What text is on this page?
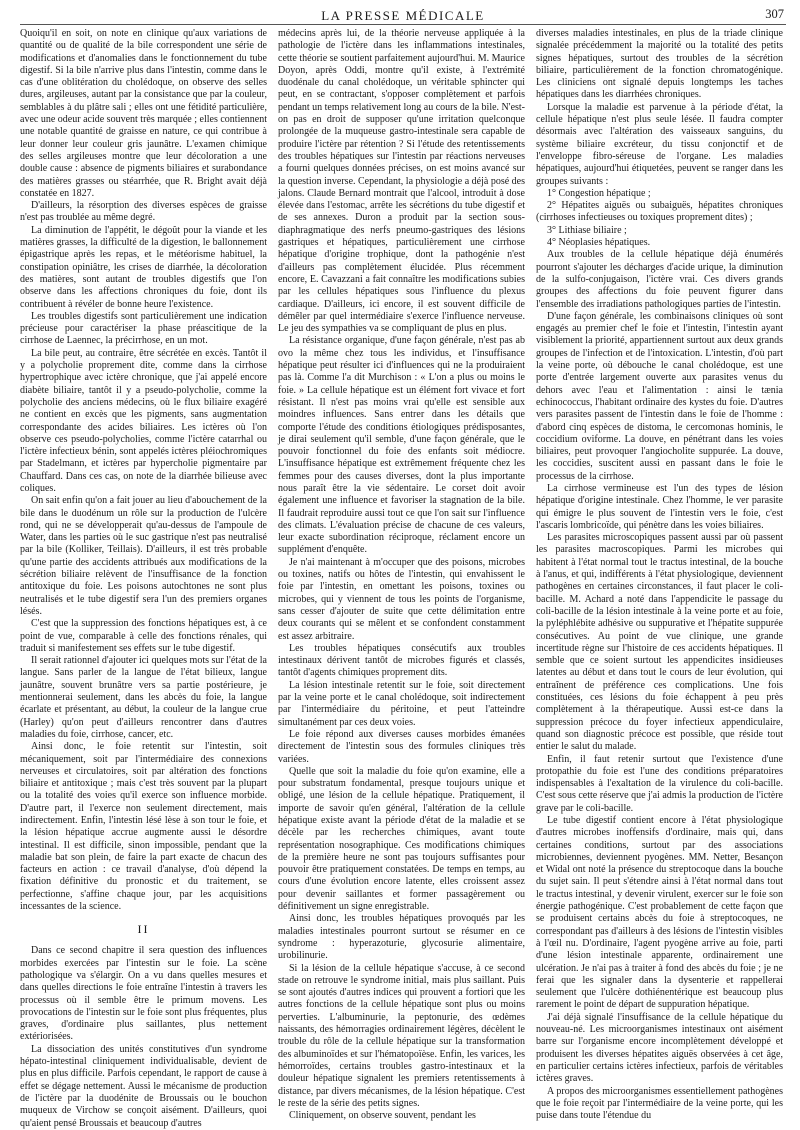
LA PRESSE MÉDICALE	307

Quoiqu'il en soit, on note en clinique qu'aux variations de quantité ou de qualité de la bile correspondent une série de modifications et d'anomalies dans le fonctionnement du tube digestif. Si la bile n'arrive plus dans l'intestin, comme dans le cas d'une oblitération du cholédoque, on observe des selles dures, argileuses, autant par la consistance que par la couleur, semblables à du plâtre sali ; elles ont une fétidité particulière, avec une odeur acide souvent très marquée ; elles contiennent une notable quantité de graisse en nature, ce qui contribue à leur donner leur couleur gris jaunâtre. L'examen chimique des selles argileuses montre que leur décoloration a une double cause : absence de pigments biliaires et surabondance des matières grasses ou stéarrhée, que R. Bright avait déjà constatée en 1827.

D'ailleurs, la résorption des diverses espèces de graisse n'est pas troublée au même degré.

La diminution de l'appétit, le dégoût pour la viande et les matières grasses, la difficulté de la digestion, le ballonnement épigastrique après les repas, et le météorisme habituel, la constipation opiniâtre, les crises de diarrhée, la décoloration des matières, sont autant de troubles digestifs que l'on observe dans les affections chroniques du foie, dont ils contribuent à révéler de bonne heure l'existence.

Les troubles digestifs sont particulièrement une indication précieuse pour caractériser la phase préascitique de la cirrhose de Laennec, la précirrhose, en un mot.

La bile peut, au contraire, être sécrétée en excès. Tantôt il y a polycholie proprement dite, comme dans la cirrhose hypertrophique avec ictère chronique, que j'ai appelé encore diabète biliaire, tantôt il y a pseudo-polycholie, comme la polycholie des anciens médecins, où le flux biliaire exagéré ne contient en excès que les pigments, sans augmentation correspondante des acides biliaires. Les ictères où l'on observe ces pseudo-polycholies, comme l'ictère catarrhal ou l'ictère infectieux bénin, sont appelés ictères pléiochromiques par Stadelmann, et ictères par hypercholie pigmentaire par Chauffard. Dans ces cas, on note de la diarrhée bilieuse avec coliques.

On sait enfin qu'on a fait jouer au lieu d'abouchement de la bile dans le duodénum un rôle sur la production de l'ulcère rond, qui ne se développerait qu'au-dessus de l'ampoule de Water, dans les parties où le suc gastrique n'est pas neutralisé par la bile (Kolliker, Teillais). D'ailleurs, il est très probable qu'une partie des accidents attribués aux modifications de la sécrétion biliaire relèvent de l'insuffisance de la fonction antitoxique du foie. Les poisons autochtones ne sont plus neutralisés et le tube digestif sera l'un des premiers organes lésés.

C'est que la suppression des fonctions hépatiques est, à ce point de vue, comparable à celle des fonctions rénales, qui traduit si manifestement ses effets sur le tube digestif.

Il serait rationnel d'ajouter ici quelques mots sur l'état de la langue. Sans parler de la langue de l'état bilieux, langue jaunâtre, souvent brunâtre vers sa partie postérieure, je mentionnerai seulement, dans les abcès du foie, la langue écarlate et présentant, au début, la couleur de la langue crue (Harley) qu'on peut d'ailleurs rencontrer dans d'autres maladies du foie, cirrhose, cancer, etc.

Ainsi donc, le foie retentit sur l'intestin, soit mécaniquement, soit par l'intermédiaire des connexions nerveuses et circulatoires, soit par altération des fonctions biliaire et antitoxique ; mais c'est très souvent par la plupart ou la totalité des voies qu'il exerce son influence morbide. D'autre part, il l'exerce non seulement directement, mais indirectement. Enfin, l'intestin lésé lèse à son tour le foie, et la lésion hépatique accrue augmente aussi le désordre intestinal. Il est difficile, sinon impossible, pendant que la maladie bat son plein, de faire la part exacte de chacun des facteurs en action : ce travail d'analyse, d'où dépend la fixation définitive du pronostic et du traitement, se perfectionne, s'affine chaque jour, par les acquisitions incessantes de la science.

II

Dans ce second chapitre il sera question des influences morbides exercées par l'intestin sur le foie. La scène pathologique va s'élargir. On a vu dans quelles mesures et dans quelles directions le foie entraîne l'intestin à travers les processus où il semble être le primum movens. Les provocations de l'intestin sur le foie sont plus fréquentes, plus graves, d'ordinaire plus saillantes, plus nettement extériorisées.

La dissociation des unités constitutives d'un syndrome hépato-intestinal cliniquement individualisable, devient de plus en plus difficile. Parfois cependant, le rapport de cause à effet se dégage nettement. Aussi le mécanisme de production de l'ictère par la duodénite de Broussais ou le bouchon muqueux de Virchow se conçoit aisément. D'ailleurs, quoi qu'aient pensé Broussais et beaucoup d'autres

médecins après lui, de la théorie nerveuse appliquée à la pathologie de l'ictère dans les inflammations intestinales, cette théorie se soutient parfaitement aujourd'hui. M. Maurice Doyon, après Oddi, montre qu'il existe, à l'extrémité duodénale du canal cholédoque, un véritable sphincter qui peut, en se contractant, s'opposer complètement et parfois pendant un temps relativement long au cours de la bile. N'est-on pas en droit de supposer qu'une irritation quelconque prolongée de la muqueuse gastro-intestinale sera capable de produire l'ictère par rétention ? Si l'étude des retentissements des troubles hépatiques sur l'intestin par réactions nerveuses a fourni quelques données précises, on est moins avancé sur la question inverse. Cependant, la physiologie a déjà posé des jalons. Claude Bernard montrait que l'alcool, introduit à dose élevée dans l'estomac, arrête les sécrétions du tube digestif et de ses annexes. Duron a produit par la section sous-diaphragmatique des nerfs pneumo-gastriques des lésions gastriques et hépatiques, particulièrement une cirrhose hépatique d'origine trophique, dont la pathogénie n'est d'ailleurs pas complètement élucidée. Plus récemment encore, E. Cavazzani a fait connaître les modifications subies par les cellules hépatiques sous l'influence du plexus cardiaque. D'ailleurs, ici encore, il est souvent difficile de démêler par quel intermédiaire s'exerce l'influence nerveuse. Le jeu des sympathies va se compliquant de plus en plus.

La résistance organique, d'une façon générale, n'est pas ab ovo la même chez tous les individus, et l'insuffisance hépatique peut résulter ici d'influences qui ne la produiraient pas là. Comme l'a dit Murchison : « L'on a plus ou moins le foie. » La cellule hépatique est un élément fort vivace et fort résistant. Il n'est pas moins vrai qu'elle est sensible aux moindres influences. Sans entrer dans les détails que comporte l'étude des conditions étiologiques prédisposantes, je dirai seulement qu'il semble, d'une façon générale, que le pouvoir fonctionnel du foie des enfants soit médiocre. L'insuffisance hépatique est extrêmement fréquente chez les femmes pour des causes diverses, dont la plus importante nous paraît être la vie sédentaire. Le corset doit avoir également une influence et favoriser la stagnation de la bile. Il faudrait reproduire aussi tout ce que l'on sait sur l'influence des climats. L'évaluation précise de chacune de ces valeurs, leur exacte subordination réciproque, réclament encore un supplément d'enquête.

Je n'ai maintenant à m'occuper que des poisons, microbes ou toxines, natifs ou hôtes de l'intestin, qui envahissent le foie par l'intestin, en omettant les poisons, toxines ou microbes, qui y viennent de tous les points de l'organisme, sans cesser d'ajouter de suite que cette délimitation entre deux courants qui se mêlent et se confondent constamment est assez arbitraire.

Les troubles hépatiques consécutifs aux troubles intestinaux dérivent tantôt de microbes figurés et classés, tantôt d'agents chimiques proprement dits.

La lésion intestinale retentit sur le foie, soit directement par la veine porte et le canal cholédoque, soit indirectement par l'intermédiaire du péritoine, et peut l'atteindre simultanément par ces deux voies.

Le foie répond aux diverses causes morbides émanées directement de l'intestin sous des formules cliniques très variées.

Quelle que soit la maladie du foie qu'on examine, elle a pour substratum fondamental, presque toujours unique et obligé, une lésion de la cellule hépatique. Pratiquement, il importe de savoir qu'en général, l'altération de la cellule hépatique existe avant la période d'état de la maladie et se décèle par les recherches chimiques, avant toute représentation nosographique. Ces modifications chimiques de la première heure ne sont pas toujours suffisantes pour pouvoir être pratiquement constatées. De temps en temps, au cours d'une évolution encore latente, elles croissent assez pour devenir saillantes et former passagèrement ou définitivement un signe enregistrable.

Ainsi donc, les troubles hépatiques provoqués par les maladies intestinales pourront surtout se résumer en ce syndrome : hyperazoturie, glycosurie alimentaire, urobilinurie.

Si la lésion de la cellule hépatique s'accuse, à ce second stade on retrouve le syndrome initial, mais plus saillant. Puis se sont ajoutés d'autres indices qui prouvent a fortiori que les autres fonctions de la cellule hépatique sont plus ou moins perverties. L'albuminurie, la peptonurie, des œdèmes naissants, des hémorragies ordinairement légères, décèlent le trouble du rôle de la cellule hépatique sur la transformation des albuminoïdes et sur l'hématopoïèse. Enfin, les varices, les hémorroïdes, certains troubles gastro-intestinaux et la douleur hépatique signalent les premiers retentissements à distance, par divers mécanismes, de la lésion hépatique. C'est le reste de la série des petits signes.

Cliniquement, on observe souvent, pendant les

diverses maladies intestinales, en plus de la triade clinique signalée précédemment la majorité ou la totalité des petits signes hépatiques, surtout des troubles de la sécrétion biliaire, particulièrement de la fonction chromatogénique. Les cliniciens ont signalé depuis longtemps les taches hépatiques dans les diarrhées chroniques.

Lorsque la maladie est parvenue à la période d'état, la cellule hépatique n'est plus seule lésée. Il faudra compter désormais avec l'altération des vaisseaux sanguins, du système biliaire excréteur, du tissu conjonctif et de l'enveloppe fibro-séreuse de l'organe. Les maladies hépatiques, aujourd'hui étiquetées, peuvent se ranger dans les groupes suivants :

1° Congestion hépatique ;

2° Hépatites aiguës ou subaiguës, hépatites chroniques (cirrhoses infectieuses ou toxiques proprement dites) ;

3° Lithiase biliaire ;

4° Néoplasies hépatiques.

Aux troubles de la cellule hépatique déjà énumérés pourront s'ajouter les décharges d'acide urique, la diminution de la sulfo-conjugaison, l'ictère vrai. Ces divers grands groupes des affections du foie peuvent figurer dans l'ensemble des irradiations pathologiques parties de l'intestin.

D'une façon générale, les combinaisons cliniques où sont engagés au premier chef le foie et l'intestin, l'intestin ayant visiblement la priorité, appartiennent surtout aux deux grands groupes de l'infection et de l'intoxication. L'intestin, d'où part la veine porte, où débouche le canal cholédoque, est une porte d'entrée largement ouverte aux parasites venus du dehors avec l'eau et l'alimentation : ainsi le tænia echinococcus, l'habitant ordinaire des kystes du foie. D'autres vers parasites passent de l'intestin dans le foie de l'homme : d'abord cinq espèces de distoma, le cercomonas hominis, le coccidium oviforme. La douve, en pénétrant dans les voies biliaires, peut provoquer l'angiocholite suppurée. La douve, les coccidies, suscitent aussi en passant dans le foie le processus de la cirrhose.

La cirrhose vermineuse est l'un des types de lésion hépatique d'origine intestinale. Chez l'homme, le ver parasite qui émigre le plus souvent de l'intestin vers le foie, c'est l'ascaris lombricoïde, qui pénètre dans les voies biliaires.

Les parasites microscopiques passent aussi par où passent les parasites macroscopiques. Parmi les microbes qui habitent à l'état normal tout le tractus intestinal, de la bouche à l'anus, et qui, indifférents à l'état physiologique, deviennent pathogènes en certaines circonstances, il faut placer le coli-bacille. M. Achard a noté dans l'appendicite le passage du coli-bacille de la lésion intestinale à la veine porte et au foie, la pyléphlébite adhésive ou suppurative et l'hépatite suppurée consécutives. Au point de vue clinique, une grande incertitude règne sur l'histoire de ces accidents hépatiques. Il semble que ce soient surtout les appendicites insidieuses latentes au début et dans tout le cours de leur évolution, qui entraînent de préférence ces complications. Une fois constituées, ces lésions du foie échappent à peu près complètement à la thérapeutique. Aussi est-ce dans la suppression précoce du foyer infectieux appendiculaire, quand son diagnostic précoce est possible, que réside tout entier le salut du malade.

Enfin, il faut retenir surtout que l'existence d'une protopathie du foie est l'une des conditions préparatoires indispensables à l'exaltation de la virulence du coli-bacille. C'est sous cette réserve que j'ai admis la production de l'ictère grave par le coli-bacille.

Le tube digestif contient encore à l'état physiologique d'autres microbes inoffensifs d'ordinaire, mais qui, dans certaines conditions, surtout par des associations microbiennes, deviennent pyogènes. MM. Netter, Besançon et Widal ont noté la présence du streptocoque dans la bouche du sujet sain. Il peut s'étendre ainsi à l'état normal dans tout le tractus intestinal, y devenir virulent, exercer sur le foie son énergie pathogénique. C'est probablement de cette façon que se produisent certains abcès du foie à streptocoques, ne correspondant pas d'ailleurs à des lésions de l'intestin visibles à l'œil nu. D'ordinaire, l'agent pyogène arrive au foie, parti d'une lésion intestinale apparente, ordinairement une ulcération. Je n'ai pas à traiter à fond des abcès du foie ; je ne ferai que les signaler dans la dysenterie et rappellerai seulement que l'ulcère dothiénentérique est beaucoup plus rarement le point de départ de suppuration hépatique.

J'ai déjà signalé l'insuffisance de la cellule hépatique du nouveau-né. Les microorganismes intestinaux ont aisément barre sur l'organisme encore incomplètement développé et produisent les diverses hépatites aiguës observées à cet âge, en particulier certains ictères infectieux, parfois de véritables ictères graves.

A propos des microorganismes essentiellement pathogènes que le foie reçoit par l'intermédiaire de la veine porte, qui les puise dans toute l'étendue du
